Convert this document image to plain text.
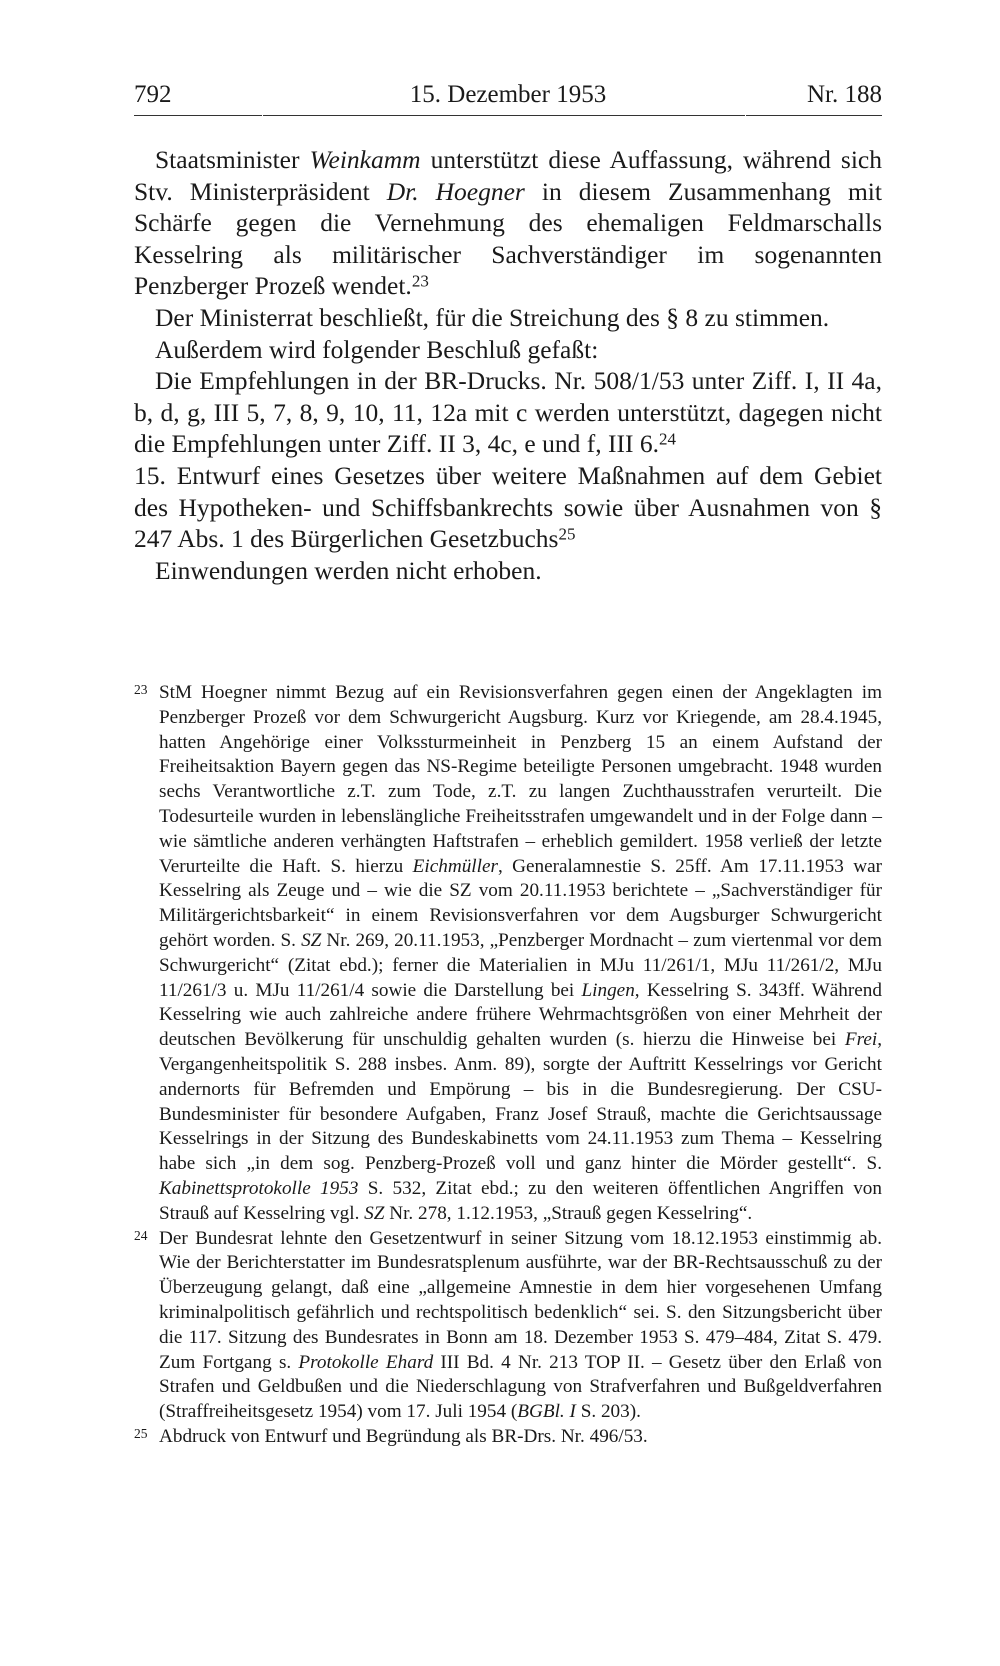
792	15. Dezember 1953	Nr. 188

Staatsminister Weinkamm unterstützt diese Auffassung, während sich Stv. Ministerpräsident Dr. Hoegner in diesem Zusammenhang mit Schärfe gegen die Vernehmung des ehemaligen Feldmarschalls Kesselring als militärischer Sachverständiger im sogenannten Penzberger Prozeß wendet.$^{23}$

Der Ministerrat beschließt, für die Streichung des § 8 zu stimmen.

Außerdem wird folgender Beschluß gefaßt:

Die Empfehlungen in der BR-Drucks. Nr. 508/1/53 unter Ziff. I, II 4a, b, d, g, III 5, 7, 8, 9, 10, 11, 12a mit c werden unterstützt, dagegen nicht die Empfehlungen unter Ziff. II 3, 4c, e und f, III 6.24

15. Entwurf eines Gesetzes über weitere Maßnahmen auf dem Gebiet des Hypotheken- und Schiffsbankrechts sowie über Ausnahmen von § 247 Abs. 1 des Bürgerlichen Gesetzbuchs$^{25}$

Einwendungen werden nicht erhoben.

23 StM Hoegner nimmt Bezug auf ein Revisionsverfahren gegen einen der Angeklagten im Penzberger Prozeß vor dem Schwurgericht Augsburg. Kurz vor Kriegende, am 28.4.1945, hatten Angehörige einer Volkssturmeinheit in Penzberg 15 an einem Aufstand der Freiheitsaktion Bayern gegen das NS-Regime beteiligte Personen umgebracht. 1948 wurden sechs Verantwortliche z.T. zum Tode, z.T. zu langen Zuchthausstrafen verurteilt. Die Todesurteile wurden in lebenslängliche Freiheitsstrafen umgewandelt und in der Folge dann – wie sämtliche anderen verhängten Haftstrafen – erheblich gemildert. 1958 verließ der letzte Verurteilte die Haft. S. hierzu Eichmüller, Generalamnestie S. 25ff. Am 17.11.1953 war Kesselring als Zeuge und – wie die SZ vom 20.11.1953 berichtete – „Sachverständiger für Militärgerichtsbarkeit“ in einem Revisionsverfahren vor dem Augsburger Schwurgericht gehört worden. S. SZ Nr. 269, 20.11.1953, „Penzberger Mordnacht – zum viertenmal vor dem Schwurgericht“ (Zitat ebd.); ferner die Materialien in MJu 11/261/1, MJu 11/261/2, MJu 11/261/3 u. MJu 11/261/4 sowie die Darstellung bei Lingen, Kesselring S. 343ff. Während Kesselring wie auch zahlreiche andere frühere Wehrmachtsgrößen von einer Mehrheit der deutschen Bevölkerung für unschuldig gehalten wurden (s. hierzu die Hinweise bei Frei, Vergangenheitspolitik S. 288 insbes. Anm. 89), sorgte der Auftritt Kesselrings vor Gericht andernorts für Befremden und Empörung – bis in die Bundesregierung. Der CSU-Bundesminister für besondere Aufgaben, Franz Josef Strauß, machte die Gerichtsaussage Kesselrings in der Sitzung des Bundeskabinetts vom 24.11.1953 zum Thema – Kesselring habe sich „in dem sog. Penzberg-Prozeß voll und ganz hinter die Mörder gestellt“. S. Kabinettsprotokolle 1953 S. 532, Zitat ebd.; zu den weiteren öffentlichen Angriffen von Strauß auf Kesselring vgl. SZ Nr. 278, 1.12.1953, „Strauß gegen Kesselring“.

24 Der Bundesrat lehnte den Gesetzentwurf in seiner Sitzung vom 18.12.1953 einstimmig ab. Wie der Berichterstatter im Bundesratsplenum ausführte, war der BR-Rechtsausschuß zu der Überzeugung gelangt, daß eine „allgemeine Amnestie in dem hier vorgesehenen Umfang kriminalpolitisch gefährlich und rechtspolitisch bedenklich“ sei. S. den Sitzungsbericht über die 117. Sitzung des Bundesrates in Bonn am 18. Dezember 1953 S. 479–484, Zitat S. 479. Zum Fortgang s. Protokolle Ehard III Bd. 4 Nr. 213 TOP II. – Gesetz über den Erlaß von Strafen und Geldbußen und die Niederschlagung von Strafverfahren und Bußgeldverfahren (Straffreiheitsgesetz 1954) vom 17. Juli 1954 (BGBl. I S. 203).

25 Abdruck von Entwurf und Begründung als BR-Drs. Nr. 496/53.
